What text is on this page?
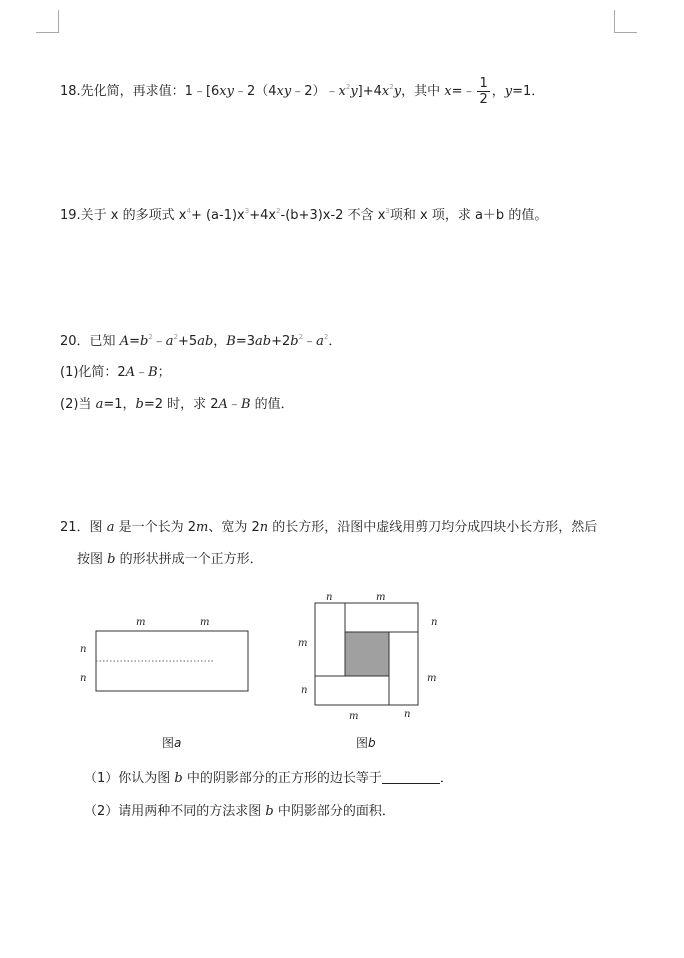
18.先化简，再求值：$1﹣[6xy﹣2(4xy﹣2)﹣x^2y]+4x^2y$，其中 x=﹣ $\frac{1}{2}$ ，y=1．
19.关于 x 的多项式 $x^4+ (a-1)x^3+4x^2-(b+3)x-2$ 不含 $x^3$项和 x 项，求 a＋b 的值。
20．已知 $A=b^2﹣a^2+5ab$，$B=3ab+2b^2﹣a^2$．
(1)化简：2A﹣B；
(2)当 a=1，b=2 时，求 2A﹣B 的值．
21．图 a 是一个长为 2m、宽为 2n 的长方形，沿图中虚线用剪刀均分成四块小长方形，然后
按图 b 的形状拼成一个正方形．
m	m
n
n
图a
n	m
n
m
m
n
m	n
图b
（1）你认为图 b 中的阴影部分的正方形的边长等于	．
（2）请用两种不同的方法求图 b 中阴影部分的面积．
